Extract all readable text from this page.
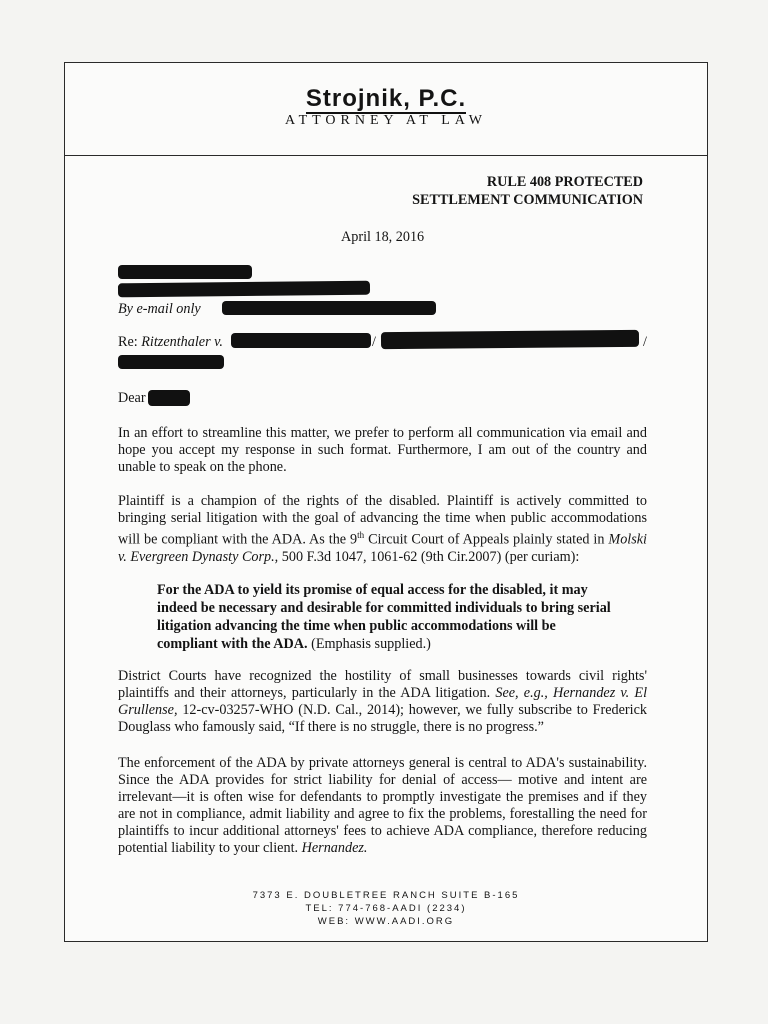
Strojnik, P.C.
ATTORNEY AT LAW
RULE 408 PROTECTED
SETTLEMENT COMMUNICATION
April 18, 2016
By e-mail only
Re: Ritzenthaler v.	/	/
Dear
In an effort to streamline this matter, we prefer to perform all communication via email and hope you accept my response in such format. Furthermore, I am out of the country and unable to speak on the phone.
Plaintiff is a champion of the rights of the disabled. Plaintiff is actively committed to bringing serial litigation with the goal of advancing the time when public accommodations will be compliant with the ADA. As the 9th Circuit Court of Appeals plainly stated in Molski v. Evergreen Dynasty Corp., 500 F.3d 1047, 1061-62 (9th Cir.2007) (per curiam):
For the ADA to yield its promise of equal access for the disabled, it may indeed be necessary and desirable for committed individuals to bring serial litigation advancing the time when public accommodations will be compliant with the ADA. (Emphasis supplied.)
District Courts have recognized the hostility of small businesses towards civil rights' plaintiffs and their attorneys, particularly in the ADA litigation. See, e.g., Hernandez v. El Grullense, 12-cv-03257-WHO (N.D. Cal., 2014); however, we fully subscribe to Frederick Douglass who famously said, “If there is no struggle, there is no progress.”
The enforcement of the ADA by private attorneys general is central to ADA's sustainability. Since the ADA provides for strict liability for denial of access— motive and intent are irrelevant—it is often wise for defendants to promptly investigate the premises and if they are not in compliance, admit liability and agree to fix the problems, forestalling the need for plaintiffs to incur additional attorneys' fees to achieve ADA compliance, therefore reducing potential liability to your client. Hernandez.
7373 E. DOUBLETREE RANCH SUITE B-165
TEL: 774-768-AADI (2234)
WEB: WWW.AADI.ORG
